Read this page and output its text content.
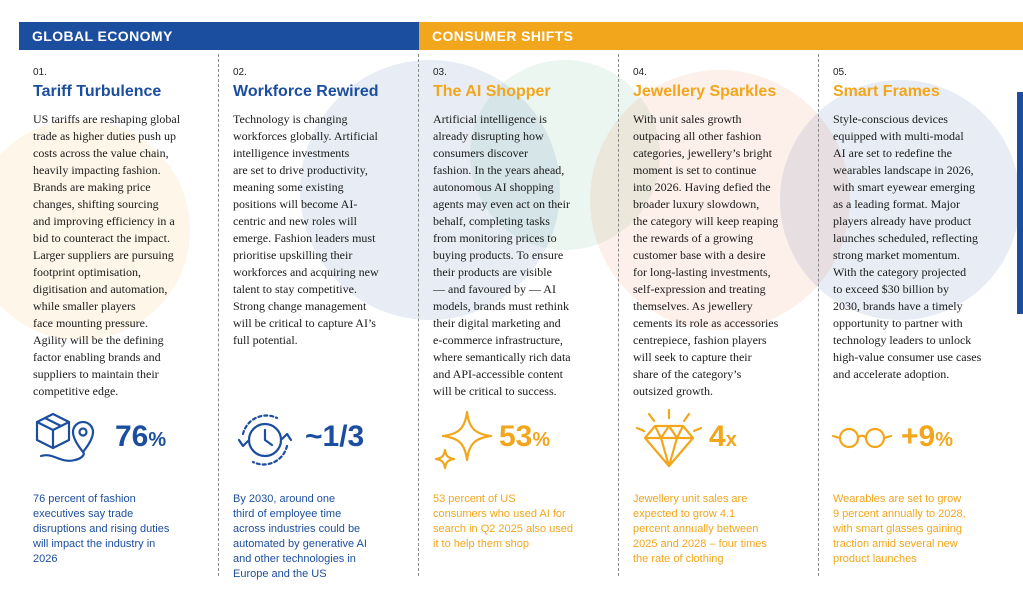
GLOBAL ECONOMY	CONSUMER SHIFTS
01.
Tariff Turbulence
US tariffs are reshaping global
trade as higher duties push up
costs across the value chain,
heavily impacting fashion.
Brands are making price
changes, shifting sourcing
and improving efficiency in a
bid to counteract the impact.
Larger suppliers are pursuing
footprint optimisation,
digitisation and automation,
while smaller players
face mounting pressure.
Agility will be the defining
factor enabling brands and
suppliers to maintain their
competitive edge.
76%
76 percent of fashion
executives say trade
disruptions and rising duties
will impact the industry in
2026
02.
Workforce Rewired
Technology is changing
workforces globally. Artificial
intelligence investments
are set to drive productivity,
meaning some existing
positions will become AI-
centric and new roles will
emerge. Fashion leaders must
prioritise upskilling their
workforces and acquiring new
talent to stay competitive.
Strong change management
will be critical to capture AI’s
full potential.
~1/3
By 2030, around one
third of employee time
across industries could be
automated by generative AI
and other technologies in
Europe and the US
03.
The AI Shopper
Artificial intelligence is
already disrupting how
consumers discover
fashion. In the years ahead,
autonomous AI shopping
agents may even act on their
behalf, completing tasks
from monitoring prices to
buying products. To ensure
their products are visible
— and favoured by — AI
models, brands must rethink
their digital marketing and
e-commerce infrastructure,
where semantically rich data
and API-accessible content
will be critical to success.
53%
53 percent of US
consumers who used AI for
search in Q2 2025 also used
it to help them shop
04.
Jewellery Sparkles
With unit sales growth
outpacing all other fashion
categories, jewellery’s bright
moment is set to continue
into 2026. Having defied the
broader luxury slowdown,
the category will keep reaping
the rewards of a growing
customer base with a desire
for long-lasting investments,
self-expression and treating
themselves. As jewellery
cements its role as accessories
centrepiece, fashion players
will seek to capture their
share of the category’s
outsized growth.
4x
Jewellery unit sales are
expected to grow 4.1
percent annually between
2025 and 2028 – four times
the rate of clothing
05.
Smart Frames
Style-conscious devices
equipped with multi-modal
AI are set to redefine the
wearables landscape in 2026,
with smart eyewear emerging
as a leading format. Major
players already have product
launches scheduled, reflecting
strong market momentum.
With the category projected
to exceed $30 billion by
2030, brands have a timely
opportunity to partner with
technology leaders to unlock
high-value consumer use cases
and accelerate adoption.
+9%
Wearables are set to grow
9 percent annually to 2028,
with smart glasses gaining
traction amid several new
product launches
